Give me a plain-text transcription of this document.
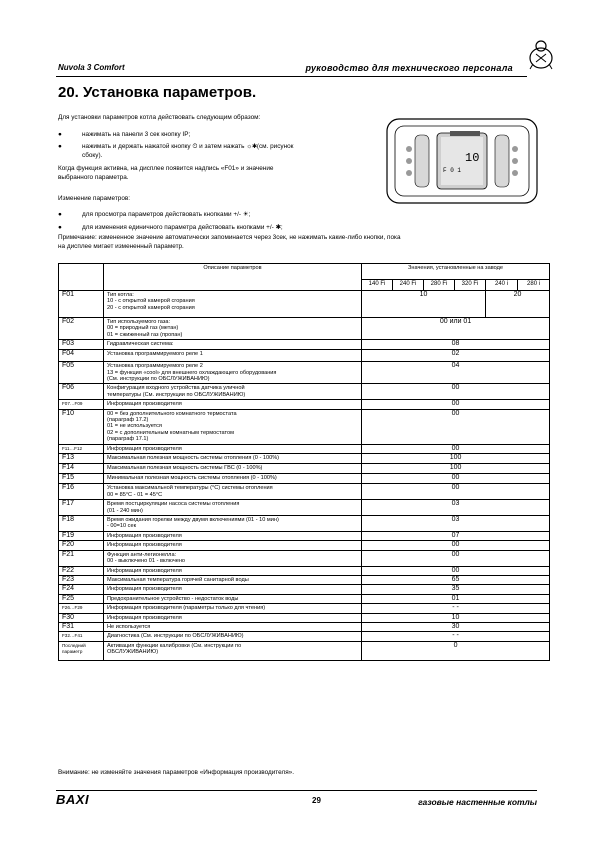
Nuvola 3 Comfort	руководство для технического персонала
20. Установка параметров.
Для установки параметров котла действовать следующим образом:
●	нажимать на панели 3 сек кнопку IP;
●	нажимать и держать нажатой кнопку ⏲ и затем нажать ☼✱(см. рисунок
сбоку).
Когда функция активна, на дисплее появится надпись «F01» и значение
выбранного параметра.
Изменение параметров:
●	для просмотра параметров действовать кнопками +/- ☀;
●	для изменения единичного параметра действовать кнопками +/- ✱;
Примечание: измененное значение автоматически запоминается через 3сек, не нажимать какие-либо кнопки, пока
на дисплее мигает измененный параметр.
10
F 0 1
	Описание параметров	Значения, установленные на заводе					
		140 Fi	240 Fi	280 Fi	320 Fi	240 i	280 i
F01	Тип котла:
10 - с открытой камерой сгорания
20 - с открытой камерой сгорания	10				20	
F02	Тип используемого газа:
00 = природный газ (метан)
01 = сжиженный газ (пропан)	00 или 01					
F03	Гидравлическая система:	08					
F04	Установка программируемого реле 1	02					
F05	Установка программируемого реле 2
13 = функция «cool» для внешнего охлаждающего оборудования
(См. инструкции по ОБСЛУЖИВАНИЮ)	04					
F06	Конфигурация входного устройства датчика уличной
температуры (См. инструкции по ОБСЛУЖИВАНИЮ)	00					
F07…F09	Информация производителя	00					
F10	00 = без дополнительного комнатного термостата
(параграф 17.2)
01 = не используется
02 = с дополнительным комнатным термостатом
(параграф 17.1)	00					
F11…F12	Информация производителя	00					
F13	Максимальная полезная мощность системы отопления (0 - 100%)	100					
F14	Максимальная полезная мощность системы ГВС (0 - 100%)	100					
F15	Минимальная полезная мощность системы отопления (0 - 100%)	00					
F16	Установка максимальной температуры (°C) системы отопления
00 = 85°C - 01 = 45°C	00					
F17	Время постциркуляции насоса системы отопления
(01 - 240 мин)	03					
F18	Время ожидания горелки между двумя включениями (01 - 10 мин)
- 00=10 сек	03					
F19	Информация производителя	07					
F20	Информация производителя	00					
F21	Функция анти-легионелла:
00 - выключено 01 - включено	00					
F22	Информация производителя	00					
F23	Максимальная температура горячей санитарной воды	65					
F24	Информация производителя	35					
F25	Предохранительное устройство - недостаток воды	01					
F26…F29	Информация производителя (параметры только для чтения)	- -					
F30	Информация производителя	10					
F31	Не используется	30					
F32…F41	Диагностика (См. инструкции по ОБСЛУЖИВАНИЮ)	- -					
Последний параметр	Активация функции калибровки (См. инструкции по
ОБСЛУЖИВАНИЮ)	0					
Внимание: не изменяйте значения параметров «Информация производителя».
BAXI	29	газовые настенные котлы
